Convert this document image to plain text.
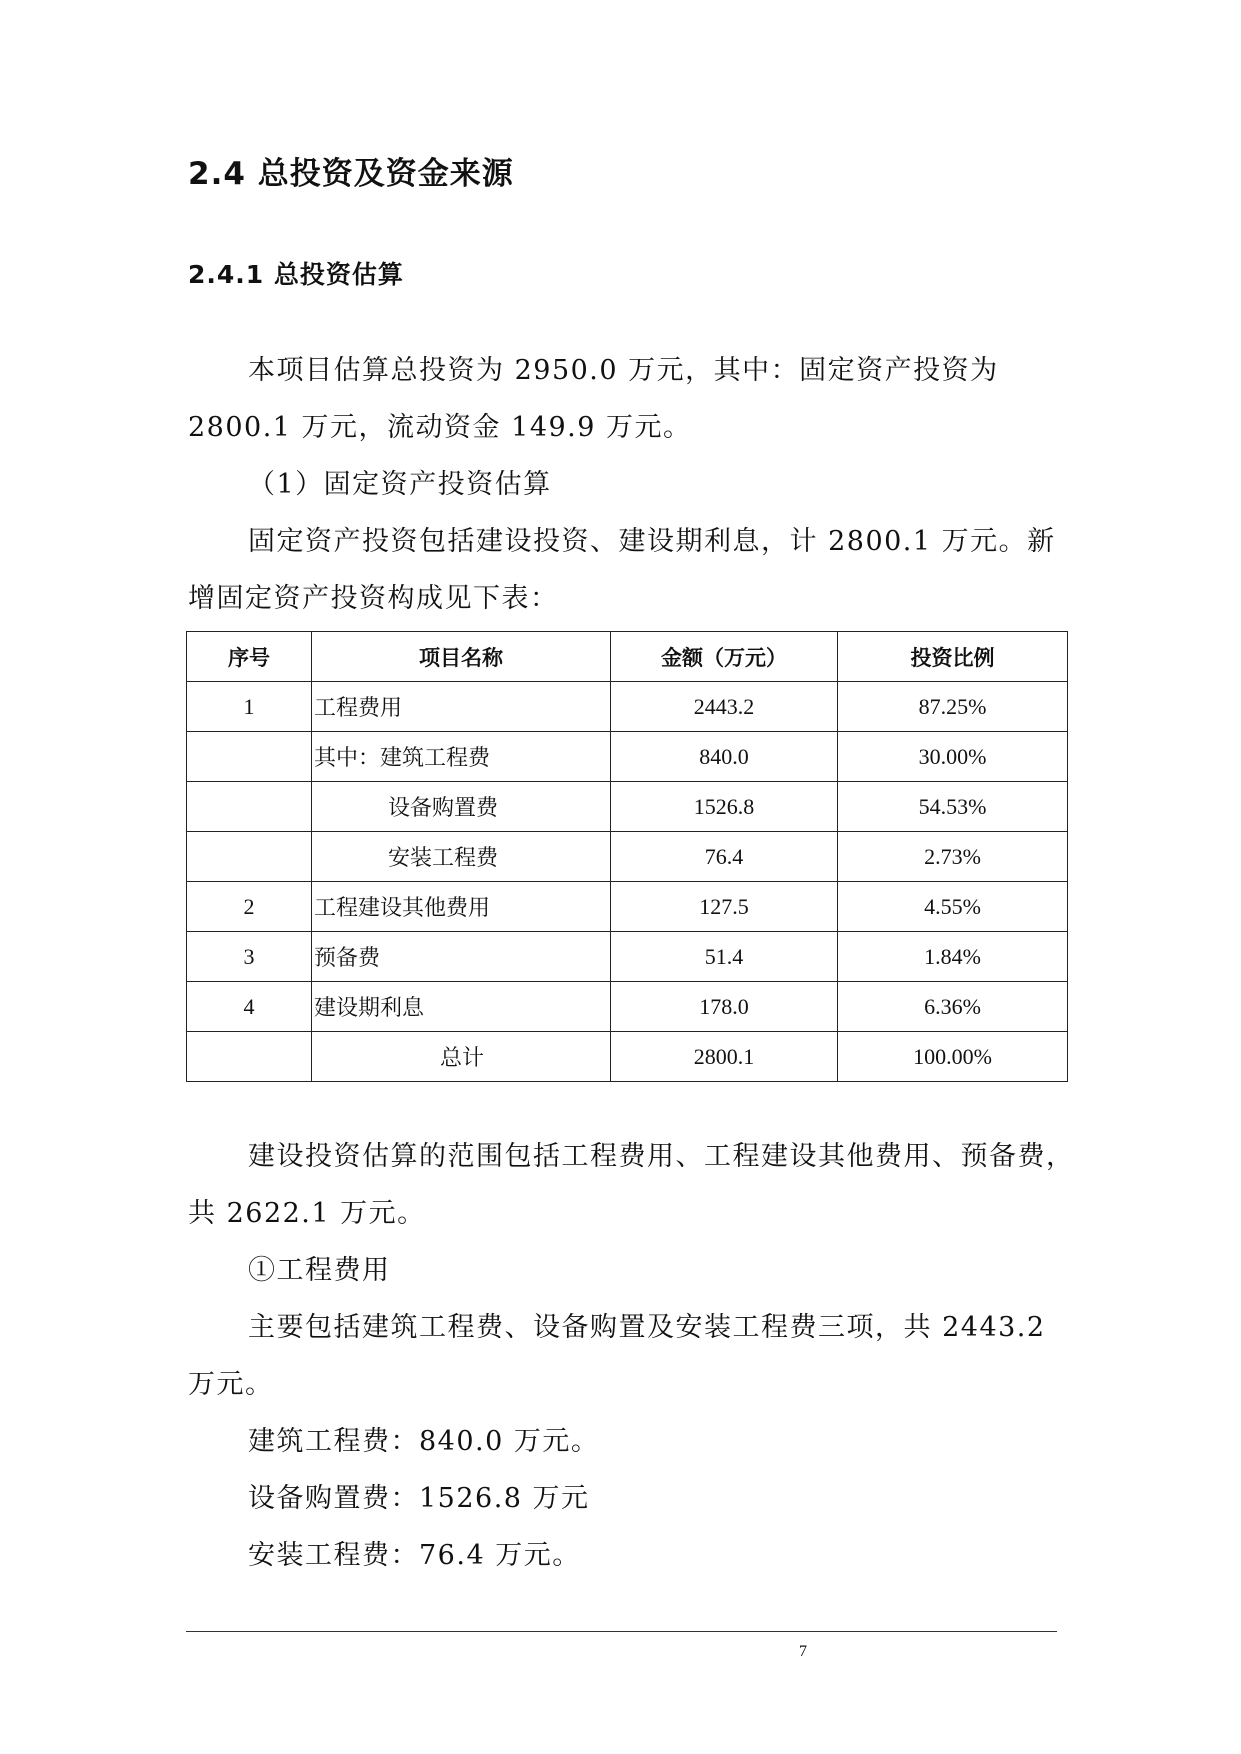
2.4 总投资及资金来源
2.4.1 总投资估算
本项目估算总投资为 2950.0 万元，其中：固定资产投资为
2800.1 万元，流动资金 149.9 万元。
（1）固定资产投资估算
固定资产投资包括建设投资、建设期利息，计 2800.1 万元。新
增固定资产投资构成见下表：
序号	项目名称	金额（万元）	投资比例
1	工程费用	2443.2	87.25%
	其中：建筑工程费	840.0	30.00%
	设备购置费	1526.8	54.53%
	安装工程费	76.4	2.73%
2	工程建设其他费用	127.5	4.55%
3	预备费	51.4	1.84%
4	建设期利息	178.0	6.36%
	总计	2800.1	100.00%
建设投资估算的范围包括工程费用、工程建设其他费用、预备费，
共 2622.1 万元。
①工程费用
主要包括建筑工程费、设备购置及安装工程费三项，共 2443.2
万元。
建筑工程费：840.0 万元。
设备购置费：1526.8 万元
安装工程费：76.4 万元。
7
